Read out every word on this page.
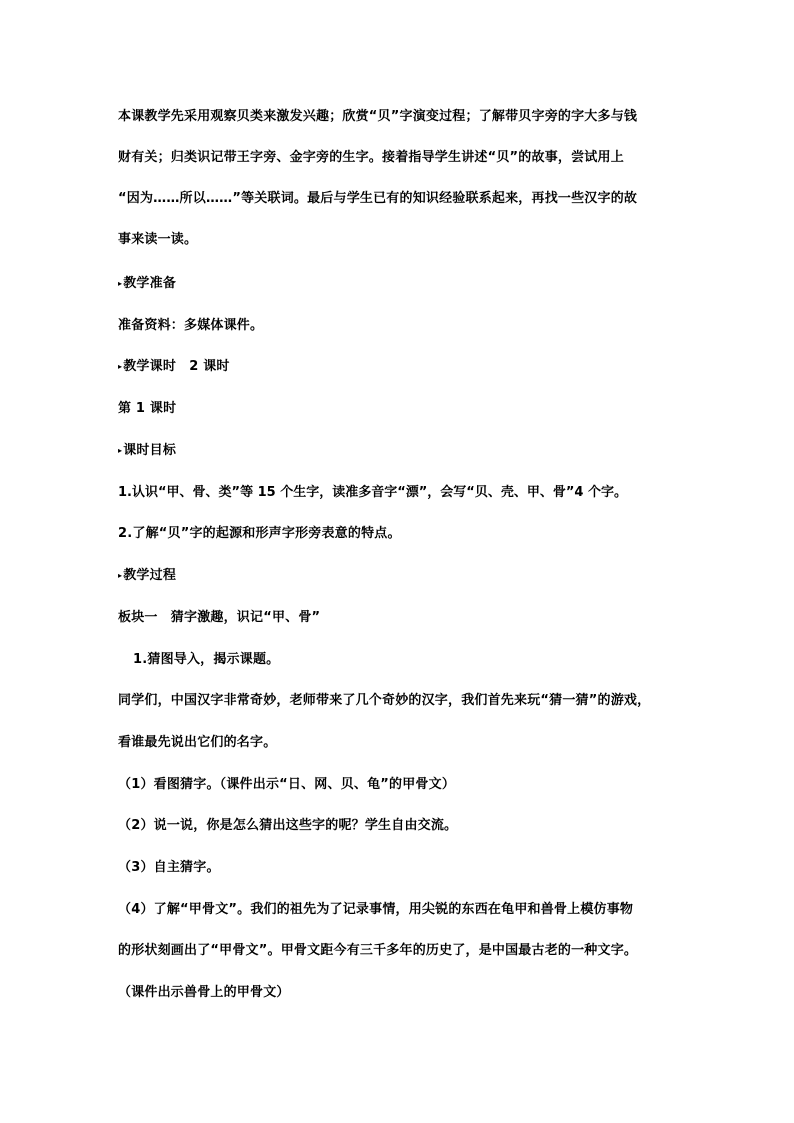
本课教学先采用观察贝类来激发兴趣；欣赏“贝”字演变过程；了解带贝字旁的字大多与钱
财有关；归类识记带王字旁、金字旁的生字。接着指导学生讲述“贝”的故事，尝试用上
“因为……所以……”等关联词。最后与学生已有的知识经验联系起来，再找一些汉字的故
事来读一读。
▸教学准备
准备资料：多媒体课件。
▸教学课时　2 课时
第 1 课时
▸课时目标
1.认识“甲、骨、类”等 15 个生字，读准多音字“漂”，会写“贝、壳、甲、骨”4 个字。
2.了解“贝”字的起源和形声字形旁表意的特点。
▸教学过程
板块一　猜字激趣，识记“甲、骨”
1.猜图导入，揭示课题。
同学们，中国汉字非常奇妙，老师带来了几个奇妙的汉字，我们首先来玩“猜一猜”的游戏，
看谁最先说出它们的名字。
（1）看图猜字。（课件出示“日、网、贝、龟”的甲骨文）
（2）说一说，你是怎么猜出这些字的呢？学生自由交流。
（3）自主猜字。
（4）了解“甲骨文”。我们的祖先为了记录事情，用尖锐的东西在龟甲和兽骨上模仿事物
的形状刻画出了“甲骨文”。甲骨文距今有三千多年的历史了，是中国最古老的一种文字。
（课件出示兽骨上的甲骨文）
